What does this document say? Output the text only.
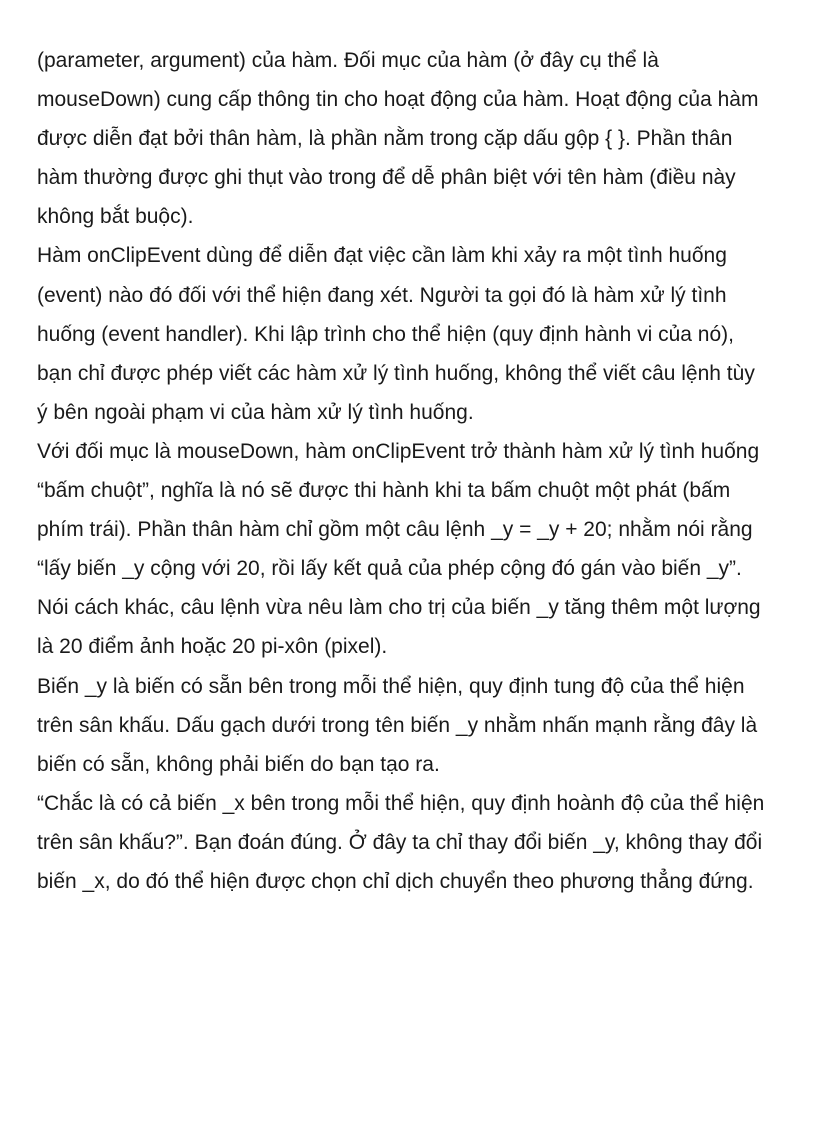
(parameter, argument) của hàm. Đối mục của hàm (ở đây cụ thể là

mouseDown) cung cấp thông tin cho hoạt động của hàm. Hoạt động của hàm

được diễn đạt bởi thân hàm, là phần nằm trong cặp dấu gộp { }. Phần thân

hàm thường được ghi thụt vào trong để dễ phân biệt với tên hàm (điều này

không bắt buộc).

Hàm onClipEvent dùng để diễn đạt việc cần làm khi xảy ra một tình huống

(event) nào đó đối với thể hiện đang xét. Người ta gọi đó là hàm xử lý tình

huống (event handler). Khi lập trình cho thể hiện (quy định hành vi của nó),

bạn chỉ được phép viết các hàm xử lý tình huống, không thể viết câu lệnh tùy

ý bên ngoài phạm vi của hàm xử lý tình huống.

Với đối mục là mouseDown, hàm onClipEvent trở thành hàm xử lý tình huống

“bấm chuột”, nghĩa là nó sẽ được thi hành khi ta bấm chuột một phát (bấm

phím trái). Phần thân hàm chỉ gồm một câu lệnh _y = _y + 20; nhằm nói rằng

“lấy biến _y cộng với 20, rồi lấy kết quả của phép cộng đó gán vào biến _y”.

Nói cách khác, câu lệnh vừa nêu làm cho trị của biến _y tăng thêm một lượng

là 20 điểm ảnh hoặc 20 pi-xôn (pixel).

Biến _y là biến có sẵn bên trong mỗi thể hiện, quy định tung độ của thể hiện

trên sân khấu. Dấu gạch dưới trong tên biến _y nhằm nhấn mạnh rằng đây là

biến có sẵn, không phải biến do bạn tạo ra.

“Chắc là có cả biến _x bên trong mỗi thể hiện, quy định hoành độ của thể hiện

trên sân khấu?”. Bạn đoán đúng. Ở đây ta chỉ thay đổi biến _y, không thay đổi

biến _x, do đó thể hiện được chọn chỉ dịch chuyển theo phương thẳng đứng.
